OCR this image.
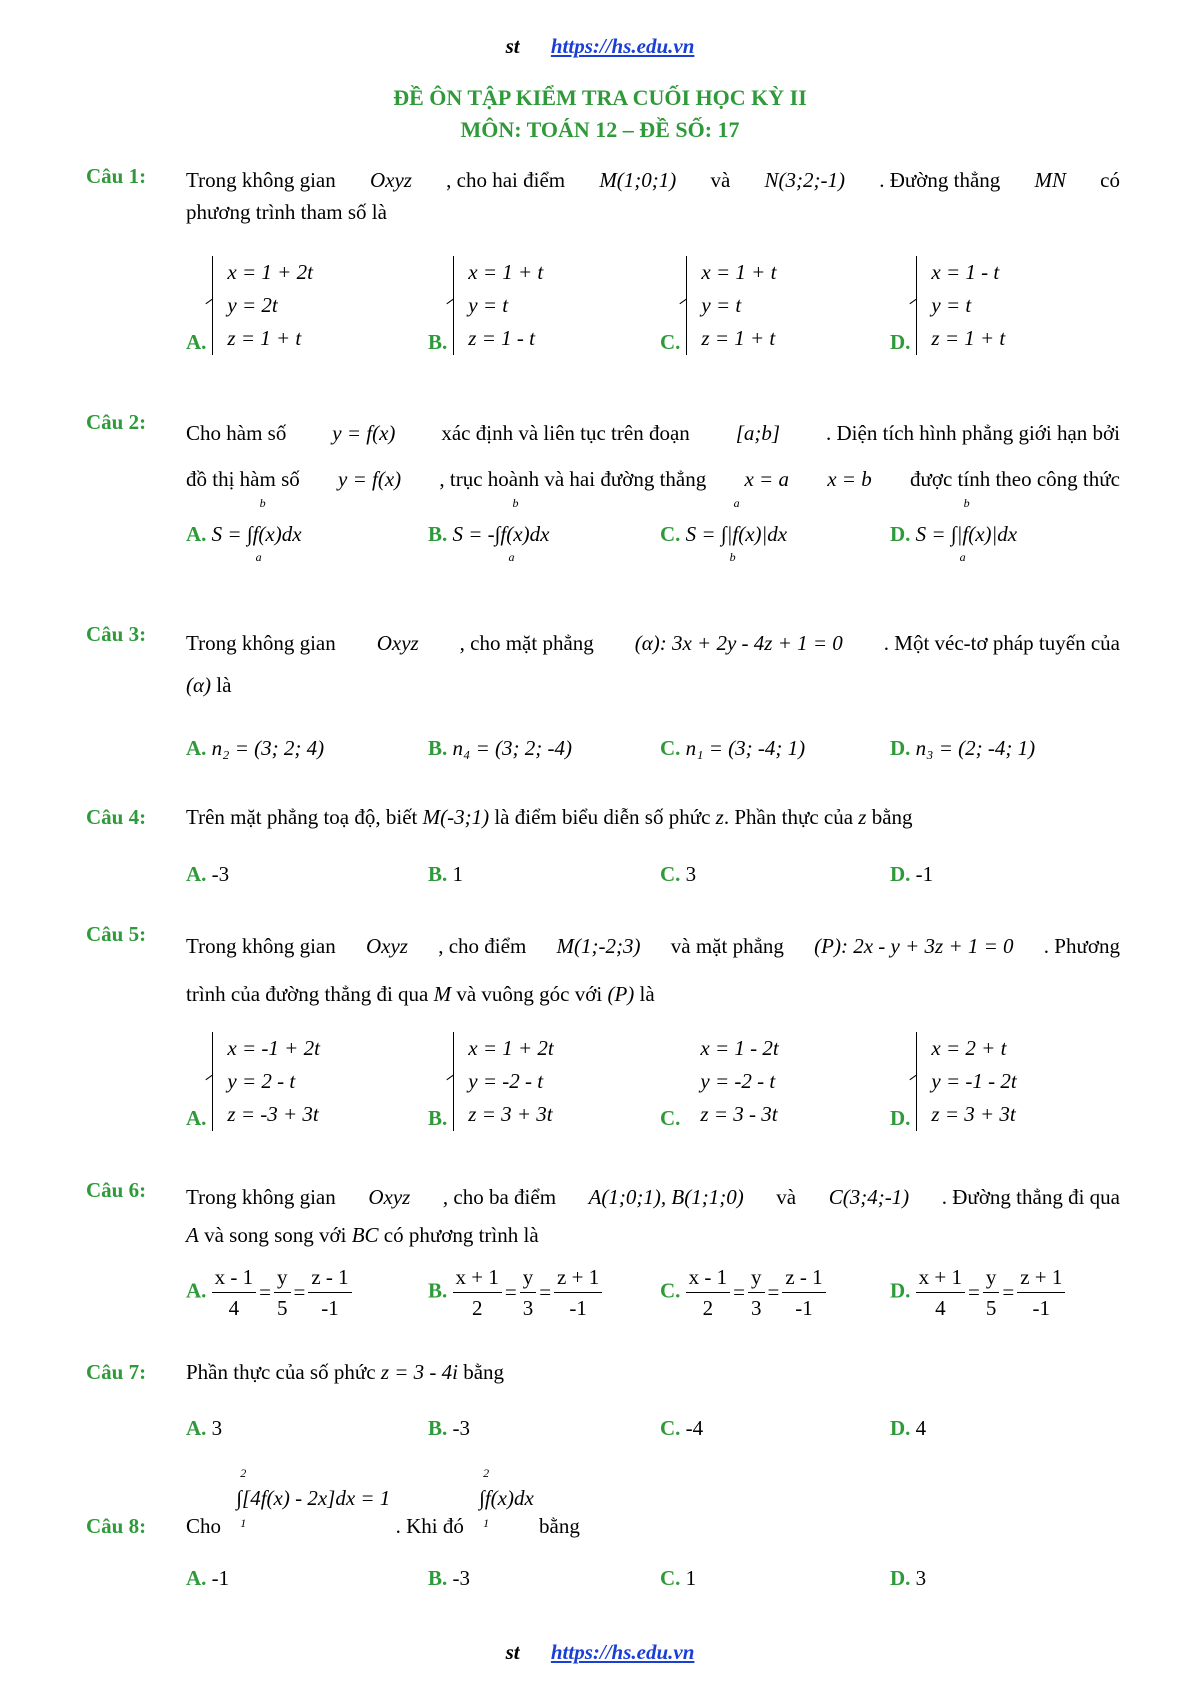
st https://hs.edu.vn
ĐỀ ÔN TẬP KIỂM TRA CUỐI HỌC KỲ II
MÔN: TOÁN 12 – ĐỀ SỐ: 17
Câu 1: Trong không gian Oxyz , cho hai điểm M(1;0;1) và N(3;2;-1) . Đường thẳng MN có
phương trình tham số là
A.
x = 1 + 2t
y = 2t
z = 1 + t	B.
x = 1 + t
y = t
z = 1 - t	C.
x = 1 + t
y = t
z = 1 + t	D.
x = 1 - t
y = t
z = 1 + t
Câu 2: Cho hàm số y = f(x) xác định và liên tục trên đoạn [a;b] . Diện tích hình phẳng giới hạn bởi
đồ thị hàm số y = f(x) , trục hoành và hai đường thẳng x = a x = b được tính theo công thức
A.
b
a
S = ∫f(x)dx	B.
b
a
S = -∫f(x)dx	C.
a
b
S = ∫|f(x)|dx	D.
b
a
S = ∫|f(x)|dx
Câu 3: Trong không gian Oxyz , cho mặt phẳng (α): 3x + 2y - 4z + 1 = 0 . Một véc-tơ pháp tuyến của
(α) là
A. n₂ = (3; 2; 4)	B. n₄ = (3; 2; -4)	C. n₁ = (3; -4; 1)	D. n₃ = (2; -4; 1)
Câu 4: Trên mặt phẳng toạ độ, biết M(-3;1) là điểm biểu diễn số phức z. Phần thực của z bằng
A. -3	B. 1	C. 3	D. -1
Câu 5: Trong không gian Oxyz , cho điểm M(1;-2;3) và mặt phẳng (P): 2x - y + 3z + 1 = 0 . Phương
trình của đường thẳng đi qua M và vuông góc với (P) là
A.
x = -1 + 2t
y = 2 - t
z = -3 + 3t	B.
x = 1 + 2t
y = -2 - t
z = 3 + 3t	C.
x = 1 - 2t
y = -2 - t
z = 3 - 3t	D.
x = 2 + t
y = -1 - 2t
z = 3 + 3t
Câu 6: Trong không gian Oxyz , cho ba điểm A(1;0;1), B(1;1;0) và C(3;4;-1) . Đường thẳng đi qua
A và song song với BC có phương trình là
A. $\frac{x - 1}{4} = \frac{y}{5} = \frac{z - 1}{-1}$	B. $\frac{x + 1}{2} = \frac{y}{3} = \frac{z + 1}{-1}$	C. $\frac{x - 1}{2} = \frac{y}{3} = \frac{z - 1}{-1}$	D. $\frac{x + 1}{4} = \frac{y}{5} = \frac{z + 1}{-1}$
Câu 7: Phần thực của số phức z = 3 - 4i bằng
A. 3	B. -3	C. -4	D. 4
Câu 8: Cho
2
1
∫[4f(x) - 2x]dx = 1 . Khi đó
2
1
∫f(x)dx bằng
A. -1	B. -3	C. 1	D. 3
st https://hs.edu.vn
